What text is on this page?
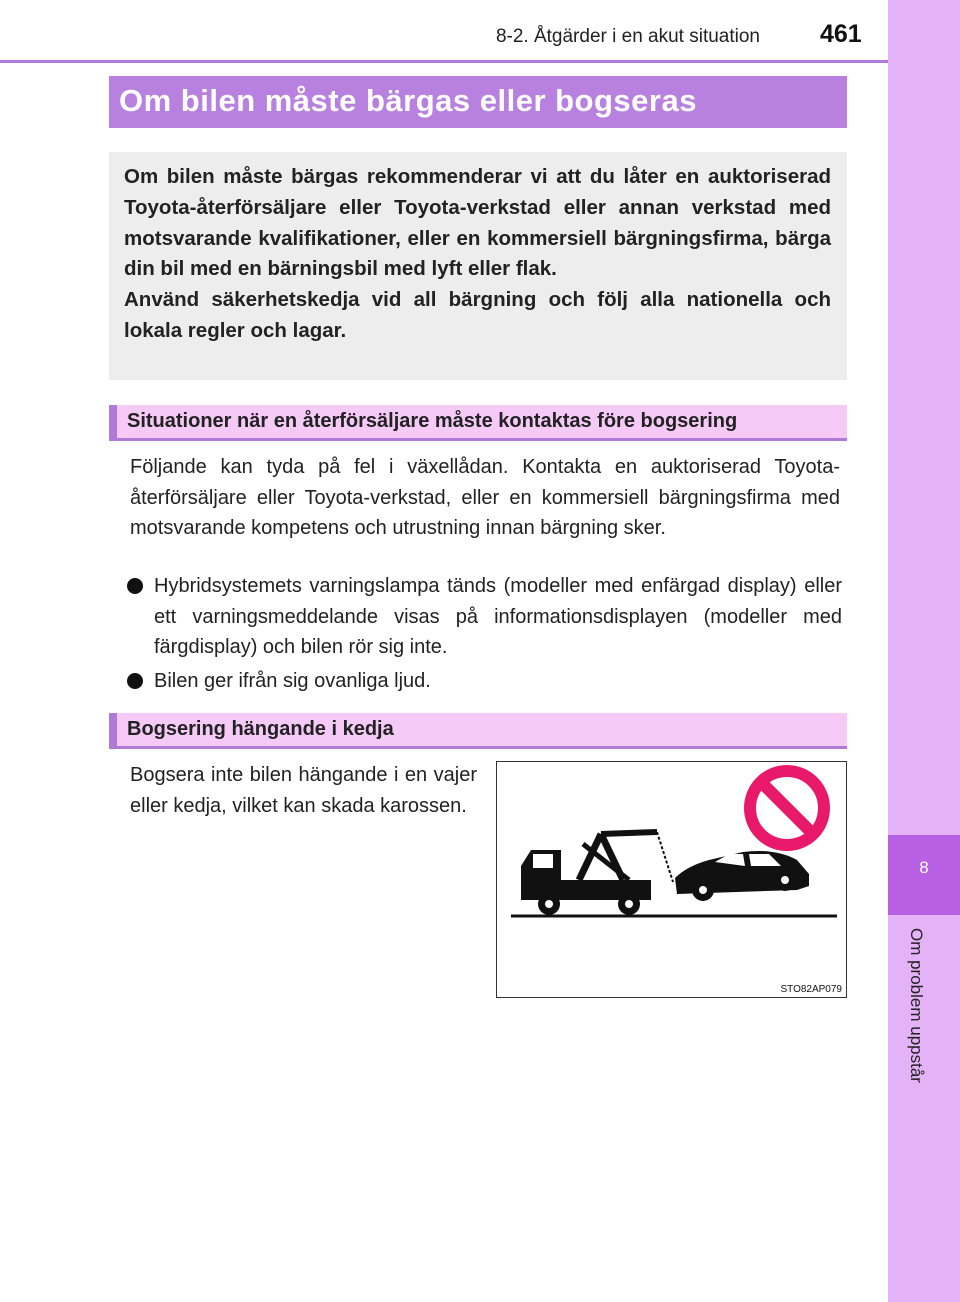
8-2. Åtgärder i en akut situation 461
8
Om problem uppstår
Om bilen måste bärgas eller bogseras

Om bilen måste bärgas rekommenderar vi att du låter en auktoriserad Toyota-återförsäljare eller Toyota-verkstad eller annan verkstad med motsvarande kvalifikationer, eller en kommersiell bärgningsfirma, bärga din bil med en bärningsbil med lyft eller flak.

Använd säkerhetskedja vid all bärgning och följ alla nationella och lokala regler och lagar.

Situationer när en återförsäljare måste kontaktas före bogsering
Följande kan tyda på fel i växellådan. Kontakta en auktoriserad Toyota-återförsäljare eller Toyota-verkstad, eller en kommersiell bärgningsfirma med motsvarande kompetens och utrustning innan bärgning sker.
Hybridsystemets varningslampa tänds (modeller med enfärgad display) eller ett varningsmeddelande visas på informationsdisplayen (modeller med färgdisplay) och bilen rör sig inte.
Bilen ger ifrån sig ovanliga ljud.
Bogsering hängande i kedja
Bogsera inte bilen hängande i en vajer eller kedja, vilket kan skada karossen.
STO82AP079
